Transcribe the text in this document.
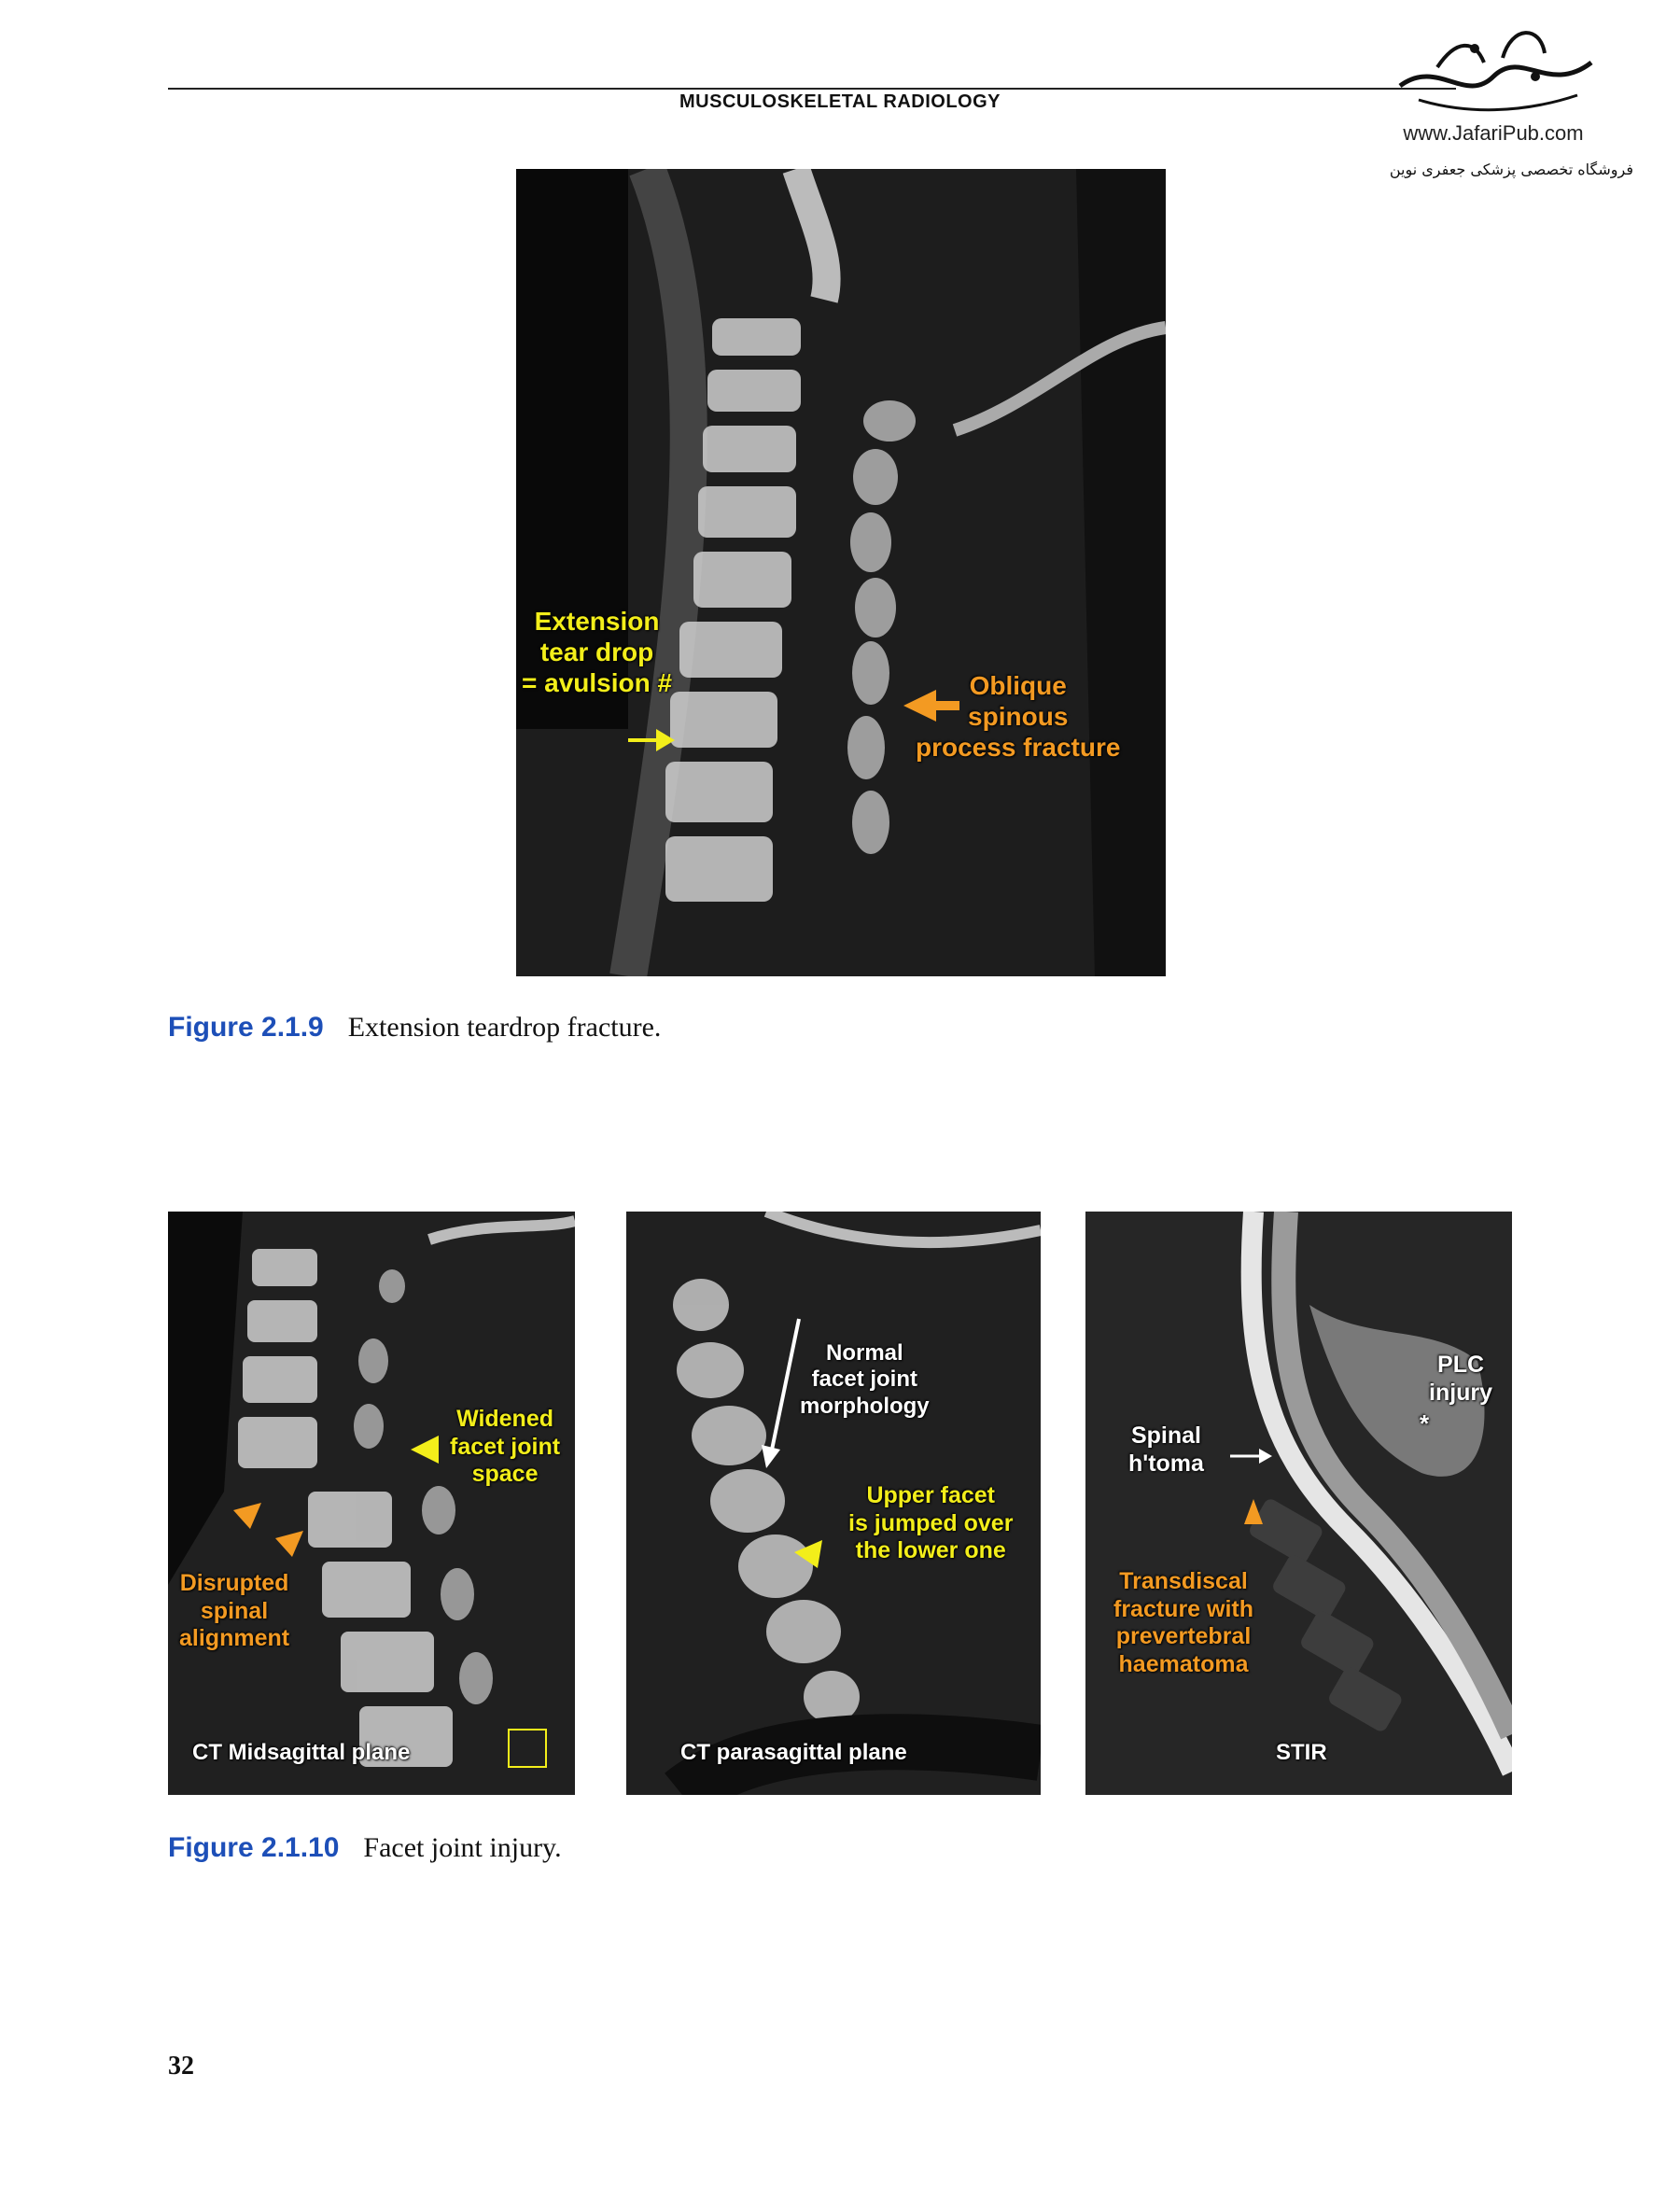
MUSCULOSKELETAL RADIOLOGY
www.JafariPub.com
فروشگاه تخصصی پزشکی جعفری نوین
Extension
tear drop
= avulsion #	Oblique
spinous
process fracture
Figure 2.1.9 Extension teardrop fracture.
Widened
facet joint
space
Disrupted
spinal
alignment
CT Midsagittal plane
Normal
facet joint
morphology
Upper facet
is jumped over
the lower one
CT parasagittal plane
PLC
injury
*
Spinal
h'toma
Transdiscal
fracture with
prevertebral
haematoma
STIR
Figure 2.1.10 Facet joint injury.
32
